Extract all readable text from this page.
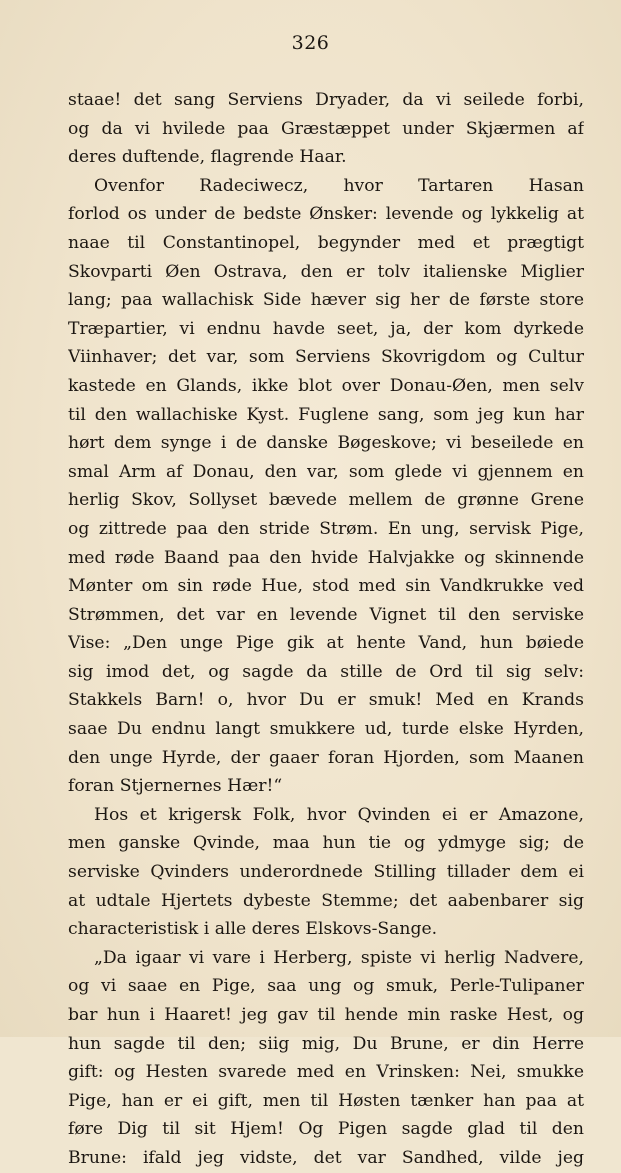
326
staae! det sang Serviens Dryader, da vi seilede forbi,
og da vi hvilede paa Græstæppet under Skjærmen af
deres duftende, flagrende Haar.
Ovenfor Radeciwecz, hvor Tartaren Hasan
forlod os under de bedste Ønsker: levende og lykkelig at
naae til Constantinopel, begynder med et prægtigt
Skovparti Øen Ostrava, den er tolv italienske Miglier
lang; paa wallachisk Side hæver sig her de første store
Træpartier, vi endnu havde seet, ja, der kom dyrkede
Viinhaver; det var, som Serviens Skovrigdom og Cultur
kastede en Glands, ikke blot over Donau-Øen, men selv
til den wallachiske Kyst. Fuglene sang, som jeg kun har
hørt dem synge i de danske Bøgeskove; vi beseilede en
smal Arm af Donau, den var, som glede vi gjennem en
herlig Skov, Sollyset bævede mellem de grønne Grene
og zittrede paa den stride Strøm. En ung, servisk Pige,
med røde Baand paa den hvide Halvjakke og skinnende
Mønter om sin røde Hue, stod med sin Vandkrukke ved
Strømmen, det var en levende Vignet til den serviske
Vise: „Den unge Pige gik at hente Vand, hun bøiede
sig imod det, og sagde da stille de Ord til sig selv:
Stakkels Barn! o, hvor Du er smuk! Med en Krands
saae Du endnu langt smukkere ud, turde elske Hyrden,
den unge Hyrde, der gaaer foran Hjorden, som Maanen
foran Stjernernes Hær!“
Hos et krigersk Folk, hvor Qvinden ei er Amazone,
men ganske Qvinde, maa hun tie og ydmyge sig; de
serviske Qvinders underordnede Stilling tillader dem ei
at udtale Hjertets dybeste Stemme; det aabenbarer sig
characteristisk i alle deres Elskovs-Sange.
„Da igaar vi vare i Herberg, spiste vi herlig Nadvere,
og vi saae en Pige, saa ung og smuk, Perle-Tulipaner
bar hun i Haaret! jeg gav til hende min raske Hest, og
hun sagde til den; siig mig, Du Brune, er din Herre
gift: og Hesten svarede med en Vrinsken: Nei, smukke
Pige, han er ei gift, men til Høsten tænker han paa at
føre Dig til sit Hjem! Og Pigen sagde glad til den
Brune: ifald jeg vidste, det var Sandhed, vilde jeg
